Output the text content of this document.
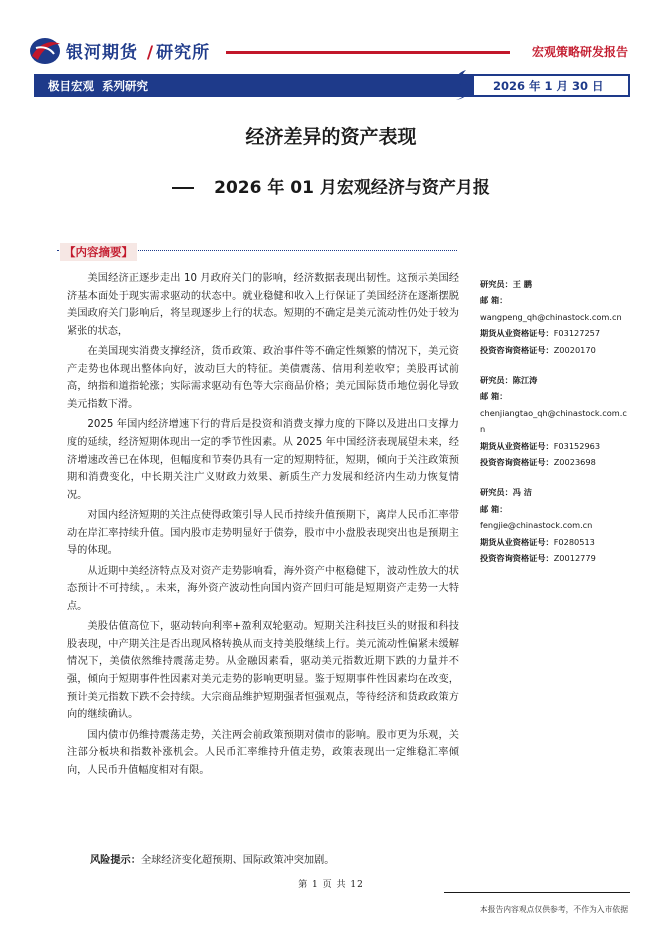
银河期货 / 研究所	宏观策略研发报告
极目宏观 系列研究	2026 年 1 月 30 日
经济差异的资产表现
2026 年 01 月宏观经济与资产月报
【内容摘要】

美国经济正逐步走出 10 月政府关门的影响，经济数据表现出韧性。这预示美国经济基本面处于现实需求驱动的状态中。就业稳健和收入上行保证了美国经济在逐渐摆脱美国政府关门影响后，将呈现逐步上行的状态。短期的不确定是美元流动性仍处于较为紧张的状态，

在美国现实消费支撑经济，货币政策、政治事件等不确定性频繁的情况下，美元资产走势也体现出整体向好，波动巨大的特征。美债震荡、信用利差收窄；美股再试前高，纳指和道指轮涨；实际需求驱动有色等大宗商品价格；美元国际货币地位弱化导致美元指数下滑。

2025 年国内经济增速下行的背后是投资和消费支撑力度的下降以及进出口支撑力度的延续，经济短期体现出一定的季节性因素。从 2025 年中国经济表现展望未来，经济增速改善已在体现，但幅度和节奏仍具有一定的短期特征，短期，倾向于关注政策预期和消费变化，中长期关注广义财政力效果、新质生产力发展和经济内生动力恢复情况。

对国内经济短期的关注点使得政策引导人民币持续升值预期下，离岸人民币汇率带动在岸汇率持续升值。国内股市走势明显好于债券，股市中小盘股表现突出也是预期主导的体现。

从近期中美经济特点及对资产走势影响看，海外资产中枢稳健下，波动性放大的状态预计不可持续，。未来，海外资产波动性向国内资产回归可能是短期资产走势一大特点。

美股估值高位下，驱动转向利率+盈利双轮驱动。短期关注科技巨头的财报和科技股表现，中产期关注是否出现风格转换从而支持美股继续上行。美元流动性偏紧未缓解情况下，美债依然维持震荡走势。从金融因素看，驱动美元指数近期下跌的力量并不强，倾向于短期事件性因素对美元走势的影响更明显。鉴于短期事件性因素均在改变，预计美元指数下跌不会持续。大宗商品维护短期强者恒强观点，等待经济和货政政策方向的继续确认。

国内债市仍维持震荡走势，关注两会前政策预期对债市的影响。股市更为乐观，关注部分板块和指数补涨机会。人民币汇率维持升值走势，政策表现出一定维稳汇率倾向，人民币升值幅度相对有限。

风险提示：全球经济变化超预期、国际政策冲突加剧。
研究员：王 鹏
邮 箱：
wangpeng_qh@chinastock.com.cn
期货从业资格证号：F03127257
投资咨询资格证号：Z0020170
研究员：陈江涛
邮 箱：
chenjiangtao_qh@chinastock.com.cn
期货从业资格证号：F03152963
投资咨询资格证号：Z0023698
研究员：冯 洁
邮 箱：
fengjie@chinastock.com.cn
期货从业资格证号：F0280513
投资咨询资格证号：Z0012779
第 1 页 共 12
本报告内容观点仅供参考，不作为入市依据
